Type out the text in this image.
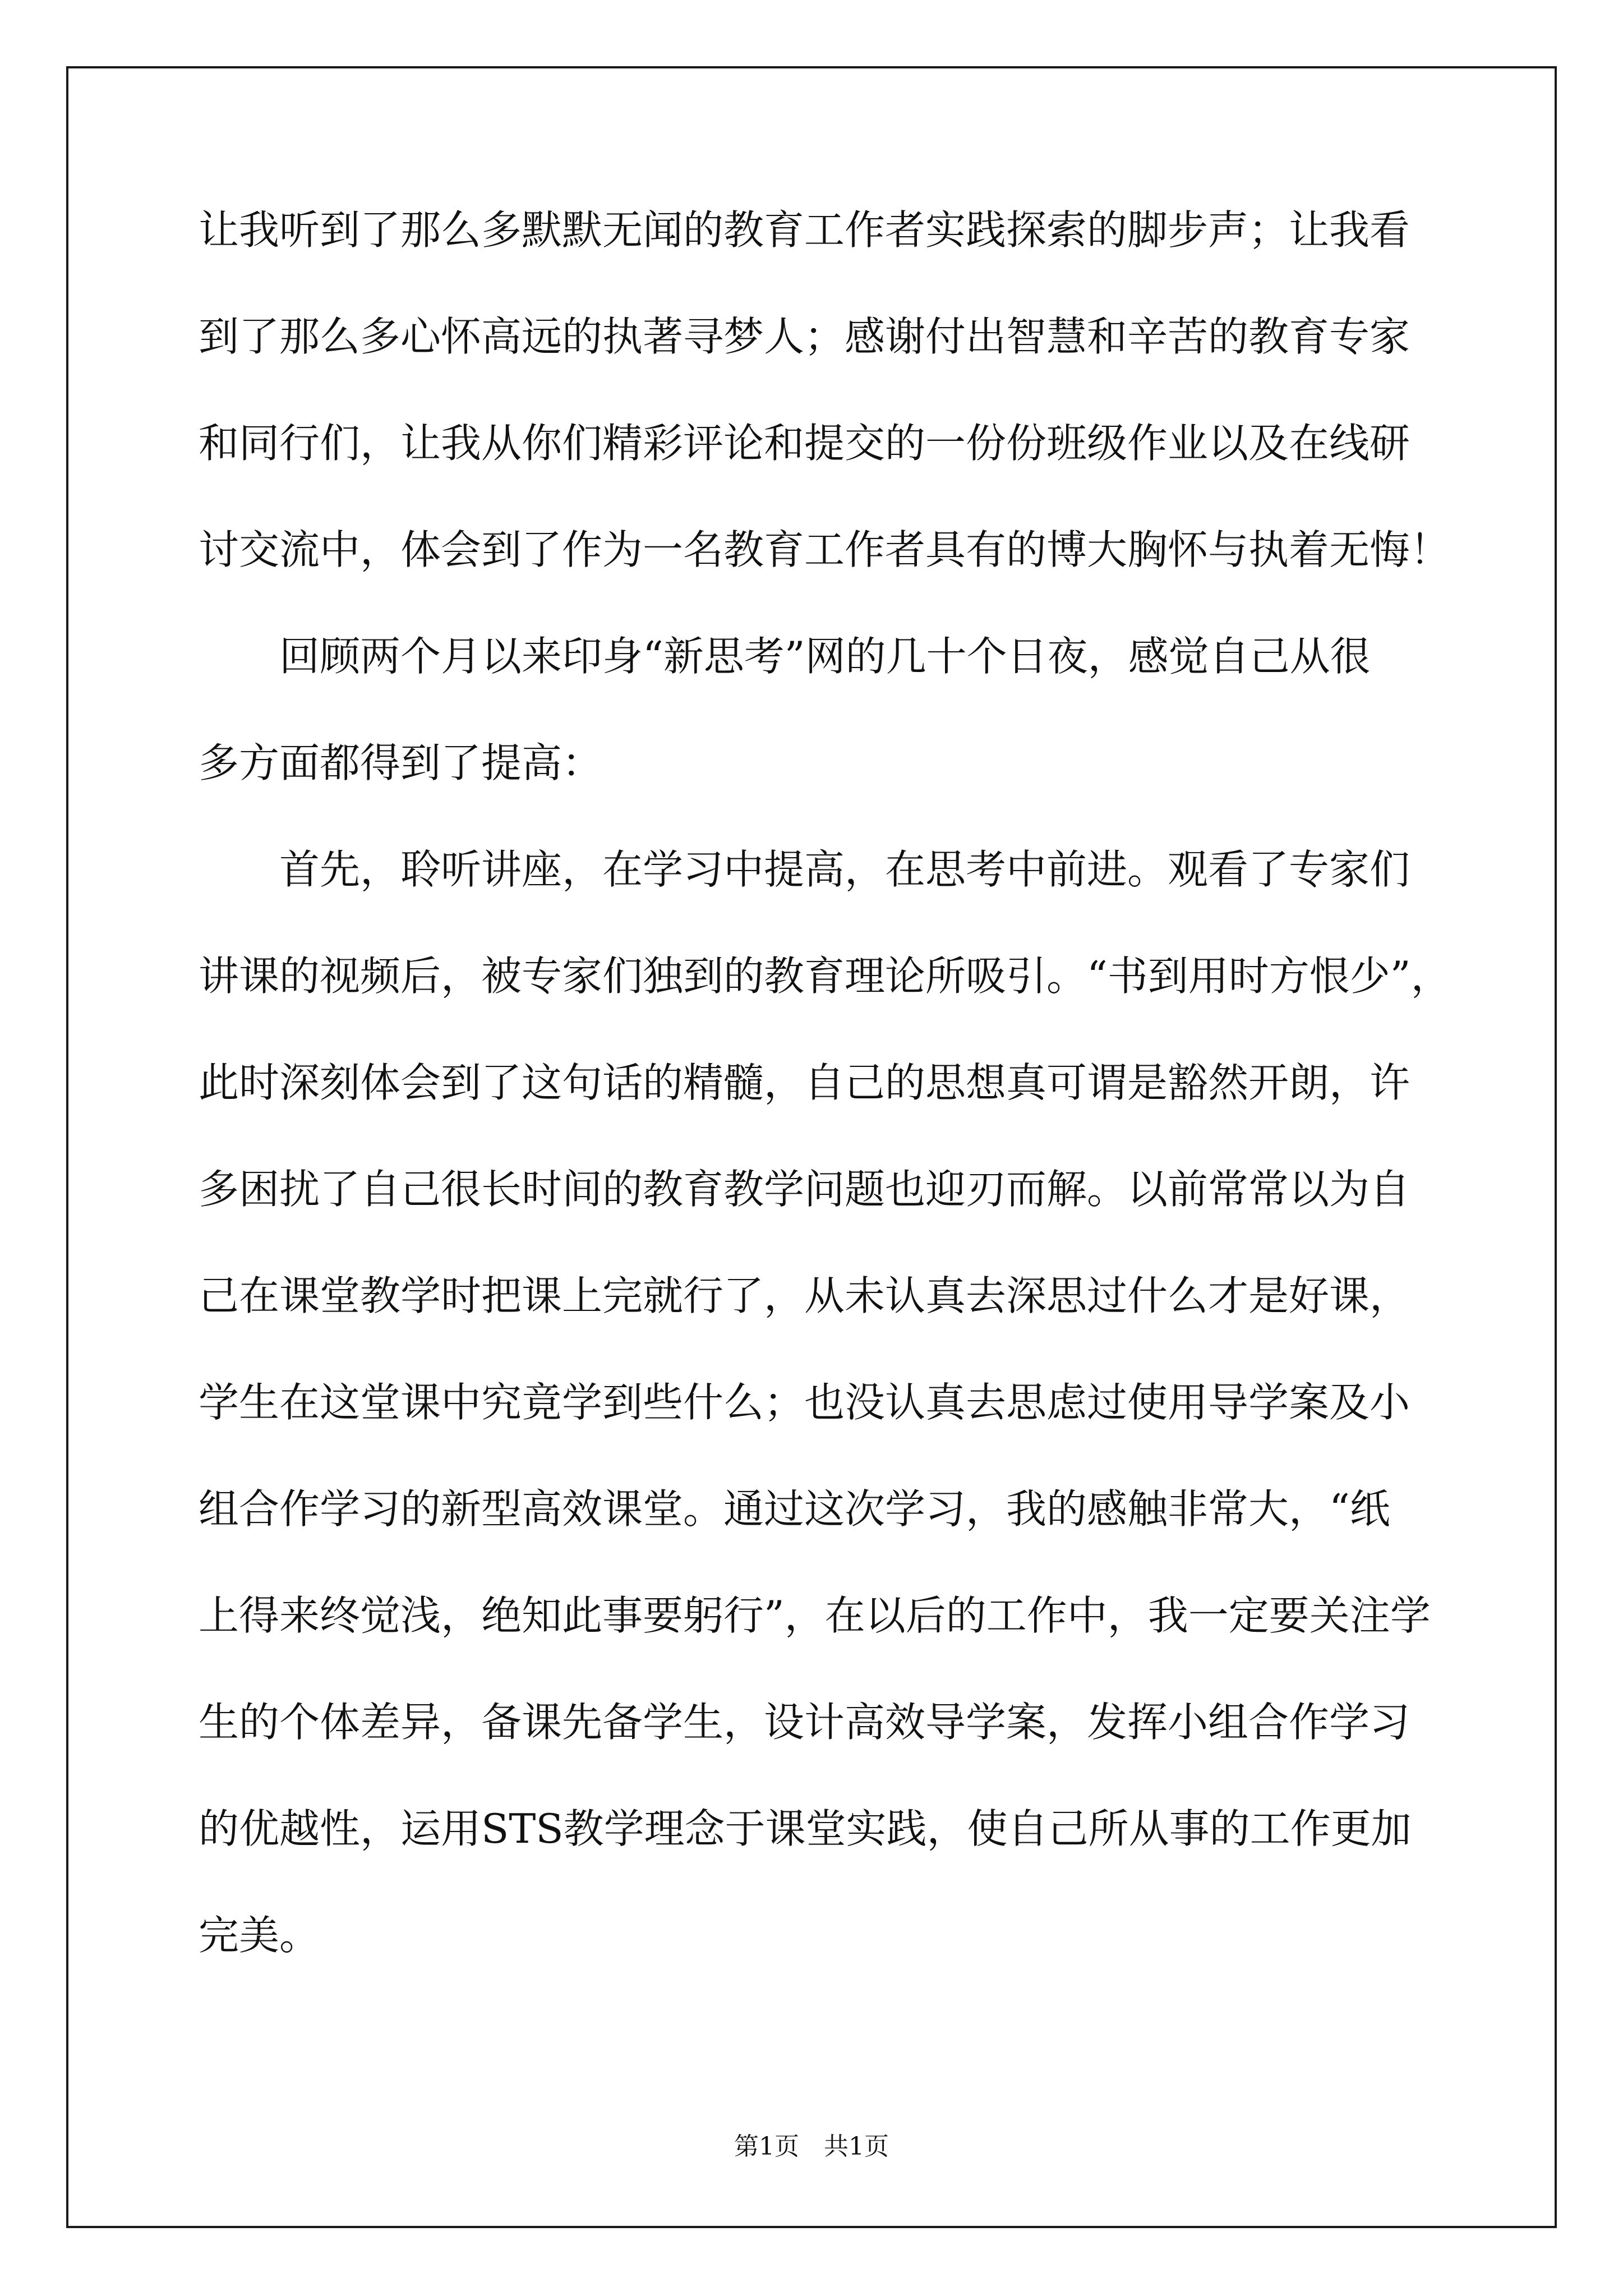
让我听到了那么多默默无闻的教育工作者实践探索的脚步声；让我看
到了那么多心怀高远的执著寻梦人；感谢付出智慧和辛苦的教育专家
和同行们，让我从你们精彩评论和提交的一份份班级作业以及在线研
讨交流中，体会到了作为一名教育工作者具有的博大胸怀与执着无悔！
　　回顾两个月以来印身“新思考”网的几十个日夜，感觉自己从很
多方面都得到了提高：
　　首先，聆听讲座，在学习中提高，在思考中前进。观看了专家们
讲课的视频后，被专家们独到的教育理论所吸引。“书到用时方恨少”，
此时深刻体会到了这句话的精髓，自己的思想真可谓是豁然开朗，许
多困扰了自己很长时间的教育教学问题也迎刃而解。以前常常以为自
己在课堂教学时把课上完就行了，从未认真去深思过什么才是好课，
学生在这堂课中究竟学到些什么；也没认真去思虑过使用导学案及小
组合作学习的新型高效课堂。通过这次学习，我的感触非常大，“纸
上得来终觉浅，绝知此事要躬行”，在以后的工作中，我一定要关注学
生的个体差异，备课先备学生，设计高效导学案，发挥小组合作学习
的优越性，运用STS教学理念于课堂实践，使自己所从事的工作更加
完美。
第1页　共1页
